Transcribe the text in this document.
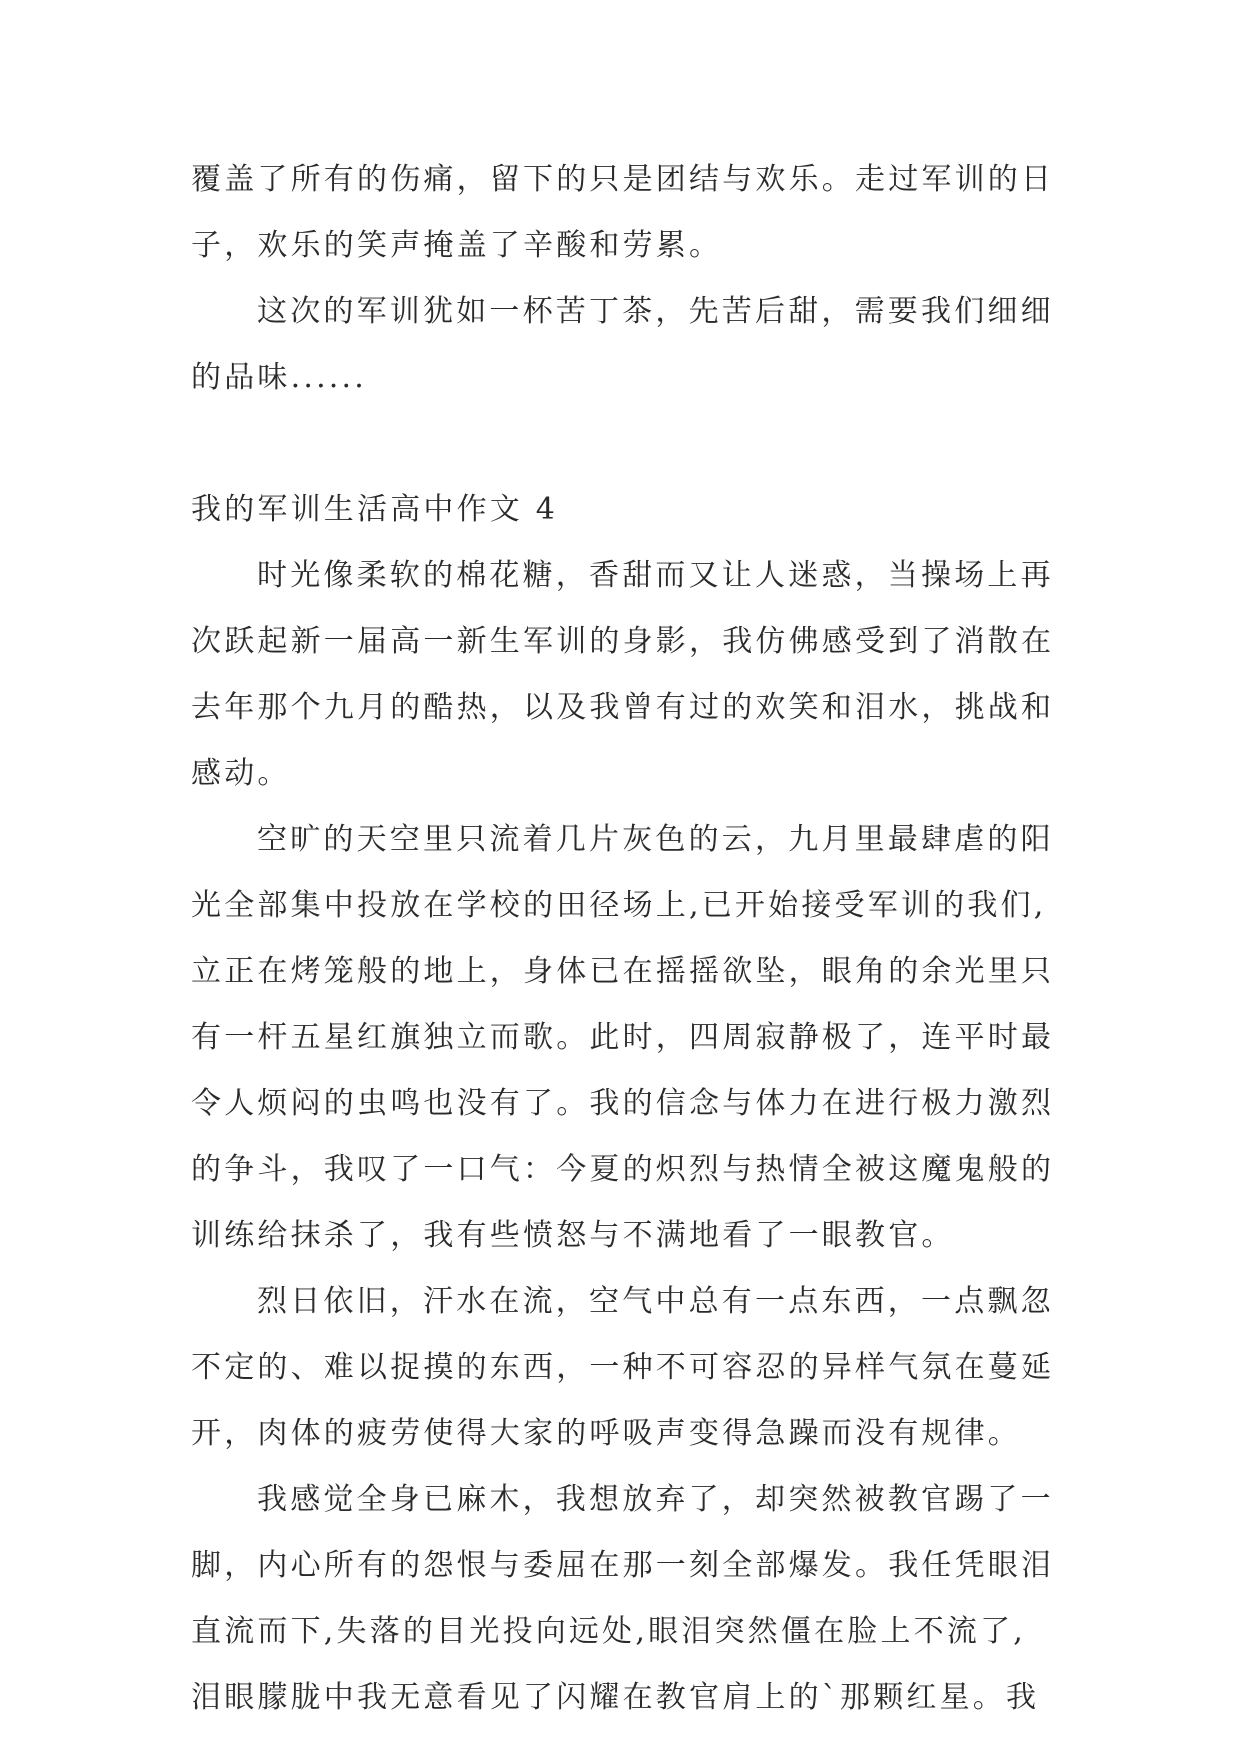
覆盖了所有的伤痛，留下的只是团结与欢乐。走过军训的日
子，欢乐的笑声掩盖了辛酸和劳累。
这次的军训犹如一杯苦丁茶，先苦后甜，需要我们细细
的品味......
我的军训生活高中作文 4
时光像柔软的棉花糖，香甜而又让人迷惑，当操场上再
次跃起新一届高一新生军训的身影，我仿佛感受到了消散在
去年那个九月的酷热，以及我曾有过的欢笑和泪水，挑战和
感动。
空旷的天空里只流着几片灰色的云，九月里最肆虐的阳
光全部集中投放在学校的田径场上,已开始接受军训的我们,
立正在烤笼般的地上，身体已在摇摇欲坠，眼角的余光里只
有一杆五星红旗独立而歌。此时，四周寂静极了，连平时最
令人烦闷的虫鸣也没有了。我的信念与体力在进行极力激烈
的争斗，我叹了一口气：今夏的炽烈与热情全被这魔鬼般的
训练给抹杀了，我有些愤怒与不满地看了一眼教官。
烈日依旧，汗水在流，空气中总有一点东西，一点飘忽
不定的、难以捉摸的东西，一种不可容忍的异样气氛在蔓延
开，肉体的疲劳使得大家的呼吸声变得急躁而没有规律。
我感觉全身已麻木，我想放弃了，却突然被教官踢了一
脚，内心所有的怨恨与委屈在那一刻全部爆发。我任凭眼泪
直流而下,失落的目光投向远处,眼泪突然僵在脸上不流了,
泪眼朦胧中我无意看见了闪耀在教官肩上的`那颗红星。我
